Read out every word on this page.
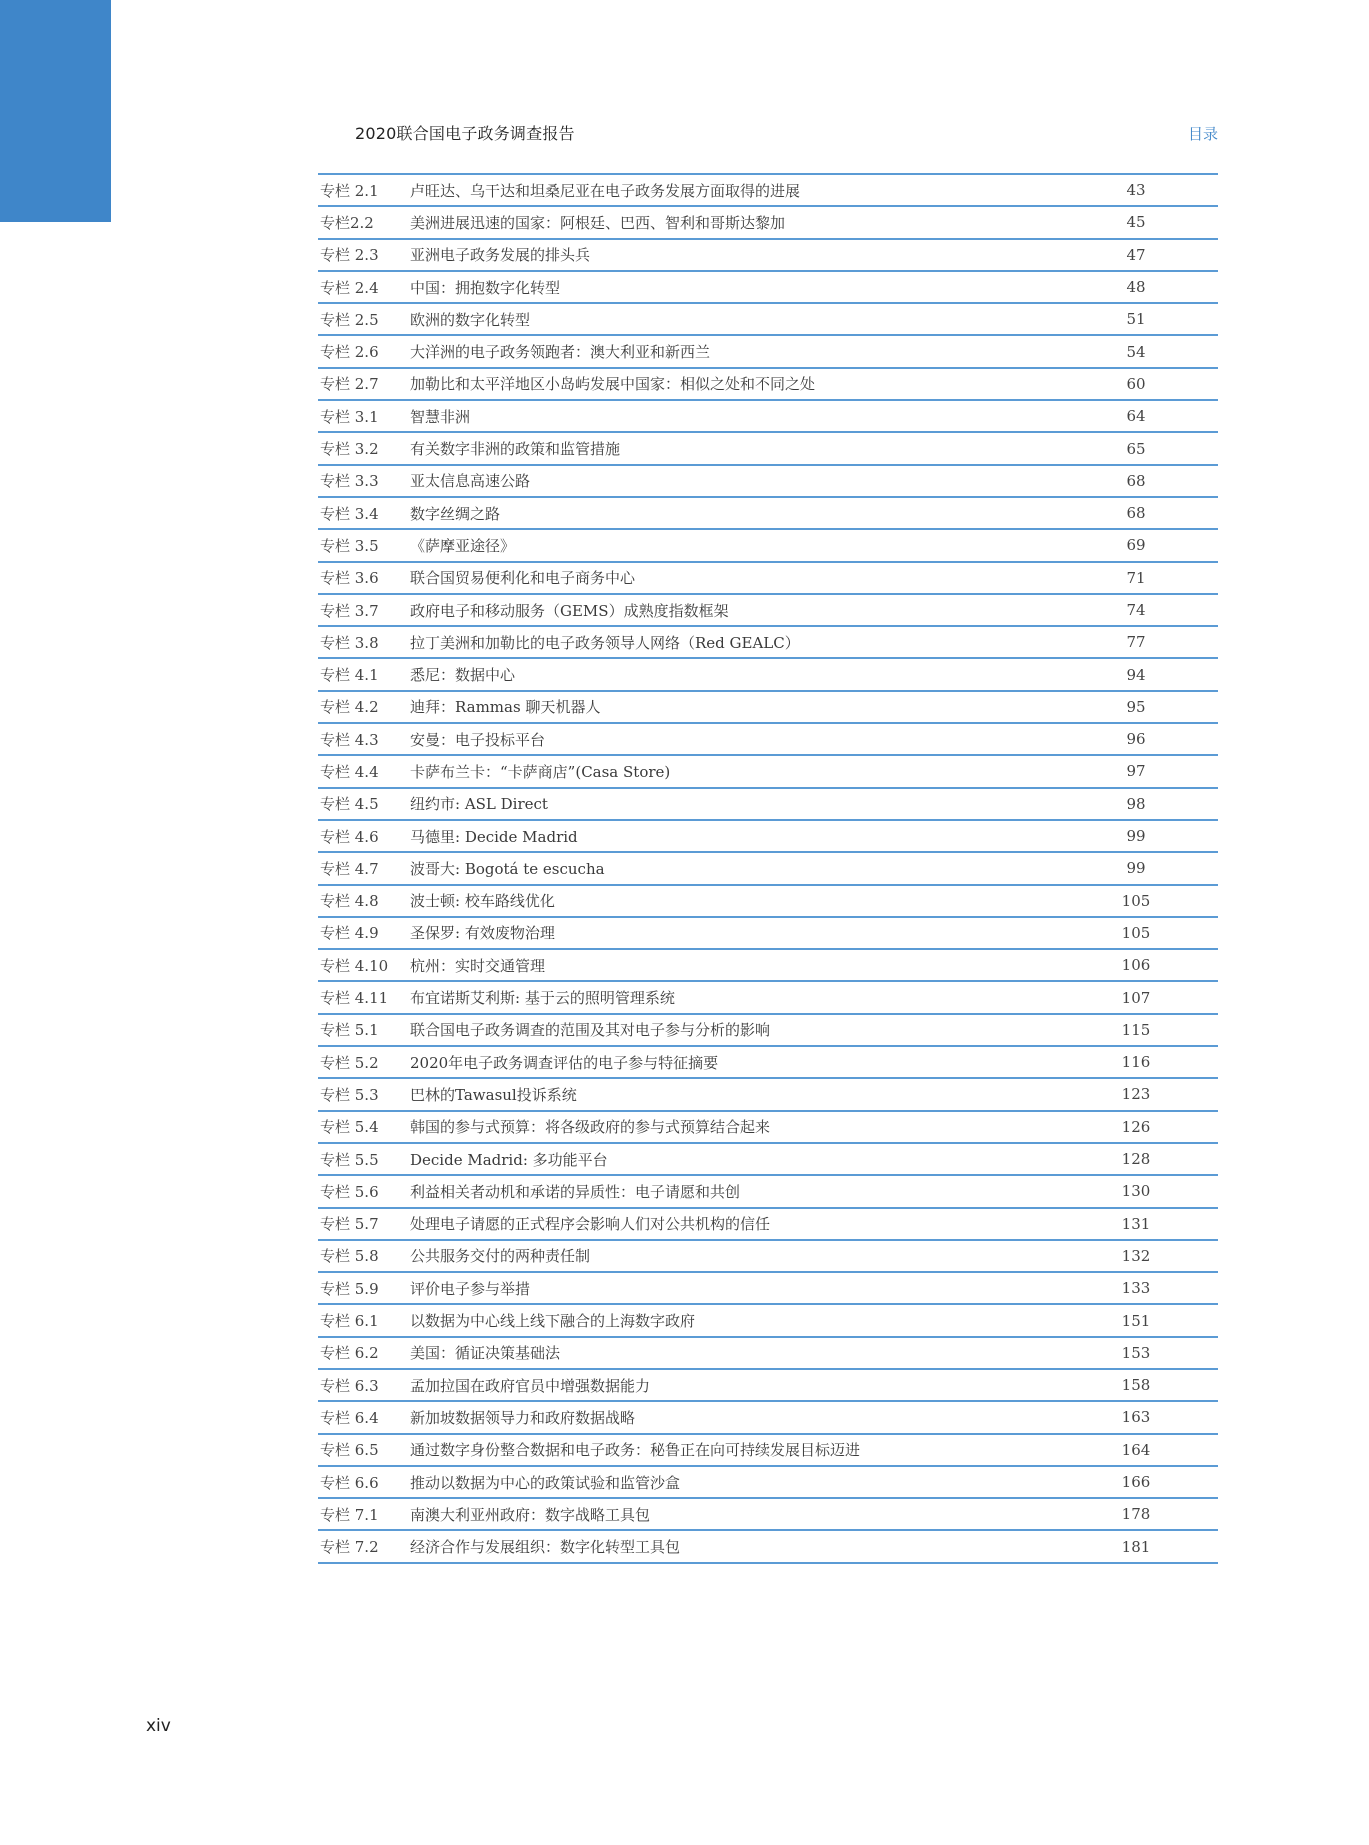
2020联合国电子政务调查报告	目录
专栏 2.1	卢旺达、乌干达和坦桑尼亚在电子政务发展方面取得的进展	43
专栏2.2	美洲进展迅速的国家：阿根廷、巴西、智利和哥斯达黎加	45
专栏 2.3	亚洲电子政务发展的排头兵	47
专栏 2.4	中国：拥抱数字化转型	48
专栏 2.5	欧洲的数字化转型	51
专栏 2.6	大洋洲的电子政务领跑者：澳大利亚和新西兰	54
专栏 2.7	加勒比和太平洋地区小岛屿发展中国家：相似之处和不同之处	60
专栏 3.1	智慧非洲	64
专栏 3.2	有关数字非洲的政策和监管措施	65
专栏 3.3	亚太信息高速公路	68
专栏 3.4	数字丝绸之路	68
专栏 3.5	《萨摩亚途径》	69
专栏 3.6	联合国贸易便利化和电子商务中心	71
专栏 3.7	政府电子和移动服务（GEMS）成熟度指数框架	74
专栏 3.8	拉丁美洲和加勒比的电子政务领导人网络（Red GEALC）	77
专栏 4.1	悉尼：数据中心	94
专栏 4.2	迪拜：Rammas 聊天机器人	95
专栏 4.3	安曼：电子投标平台	96
专栏 4.4	卡萨布兰卡：“卡萨商店”(Casa Store)	97
专栏 4.5	纽约市: ASL Direct	98
专栏 4.6	马德里: Decide Madrid	99
专栏 4.7	波哥大: Bogotá te escucha	99
专栏 4.8	波士顿: 校车路线优化	105
专栏 4.9	圣保罗: 有效废物治理	105
专栏 4.10	杭州：实时交通管理	106
专栏 4.11	布宜诺斯艾利斯: 基于云的照明管理系统	107
专栏 5.1	联合国电子政务调查的范围及其对电子参与分析的影响	115
专栏 5.2	2020年电子政务调查评估的电子参与特征摘要	116
专栏 5.3	巴林的Tawasul投诉系统	123
专栏 5.4	韩国的参与式预算：将各级政府的参与式预算结合起来	126
专栏 5.5	Decide Madrid: 多功能平台	128
专栏 5.6	利益相关者动机和承诺的异质性：电子请愿和共创	130
专栏 5.7	处理电子请愿的正式程序会影响人们对公共机构的信任	131
专栏 5.8	公共服务交付的两种责任制	132
专栏 5.9	评价电子参与举措	133
专栏 6.1	以数据为中心线上线下融合的上海数字政府	151
专栏 6.2	美国：循证决策基础法	153
专栏 6.3	孟加拉国在政府官员中增强数据能力	158
专栏 6.4	新加坡数据领导力和政府数据战略	163
专栏 6.5	通过数字身份整合数据和电子政务：秘鲁正在向可持续发展目标迈进	164
专栏 6.6	推动以数据为中心的政策试验和监管沙盒	166
专栏 7.1	南澳大利亚州政府：数字战略工具包	178
专栏 7.2	经济合作与发展组织：数字化转型工具包	181
xiv
